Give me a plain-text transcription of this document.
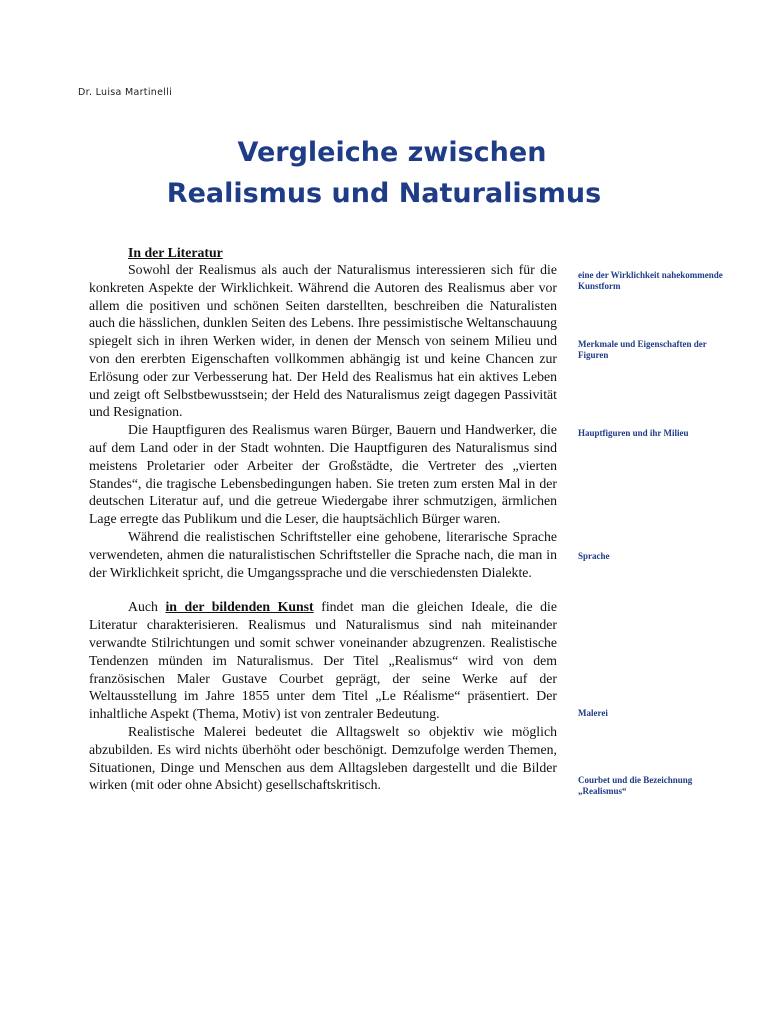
Dr. Luisa Martinelli
Vergleiche zwischen
Realismus und Naturalismus
In der Literatur

Sowohl der Realismus als auch der Naturalismus interessieren sich für die konkreten Aspekte der Wirklichkeit. Während die Autoren des Realismus aber vor allem die positiven und schönen Seiten darstellten, beschreiben die Naturalisten auch die hässlichen, dunklen Seiten des Lebens. Ihre pessimistische Weltanschauung spiegelt sich in ihren Werken wider, in denen der Mensch von seinem Milieu und von den ererbten Eigenschaften vollkommen abhängig ist und keine Chancen zur Erlösung oder zur Verbesserung hat. Der Held des Realismus hat ein aktives Leben und zeigt oft Selbstbewusstsein; der Held des Naturalismus zeigt dagegen Passivität und Resignation.

Die Hauptfiguren des Realismus waren Bürger, Bauern und Handwerker, die auf dem Land oder in der Stadt wohnten. Die Hauptfiguren des Naturalismus sind meistens Proletarier oder Arbeiter der Großstädte, die Vertreter des „vierten Standes“, die tragische Lebensbedingungen haben. Sie treten zum ersten Mal in der deutschen Literatur auf, und die getreue Wiedergabe ihrer schmutzigen, ärmlichen Lage erregte das Publikum und die Leser, die hauptsächlich Bürger waren.

Während die realistischen Schriftsteller eine gehobene, literarische Sprache verwendeten, ahmen die naturalistischen Schriftsteller die Sprache nach, die man in der Wirklichkeit spricht, die Umgangssprache und die verschiedensten Dialekte.

Auch in der bildenden Kunst findet man die gleichen Ideale, die die Literatur charakterisieren. Realismus und Naturalismus sind nah miteinander verwandte Stilrichtungen und somit schwer voneinander abzugrenzen. Realistische Tendenzen münden im Naturalismus. Der Titel „Realismus“ wird von dem französischen Maler Gustave Courbet geprägt, der seine Werke auf der Weltausstellung im Jahre 1855 unter dem Titel „Le Réalisme“ präsentiert. Der inhaltliche Aspekt (Thema, Motiv) ist von zentraler Bedeutung.

Realistische Malerei bedeutet die Alltagswelt so objektiv wie möglich abzubilden. Es wird nichts überhöht oder beschönigt. Demzufolge werden Themen, Situationen, Dinge und Menschen aus dem Alltagsleben dargestellt und die Bilder wirken (mit oder ohne Absicht) gesellschaftskritisch.

eine der Wirklichkeit nahekommende Kunstform
Merkmale und Eigenschaften der Figuren
Hauptfiguren und ihr Milieu
Sprache
Malerei
Courbet und die Bezeichnung „Realismus“
